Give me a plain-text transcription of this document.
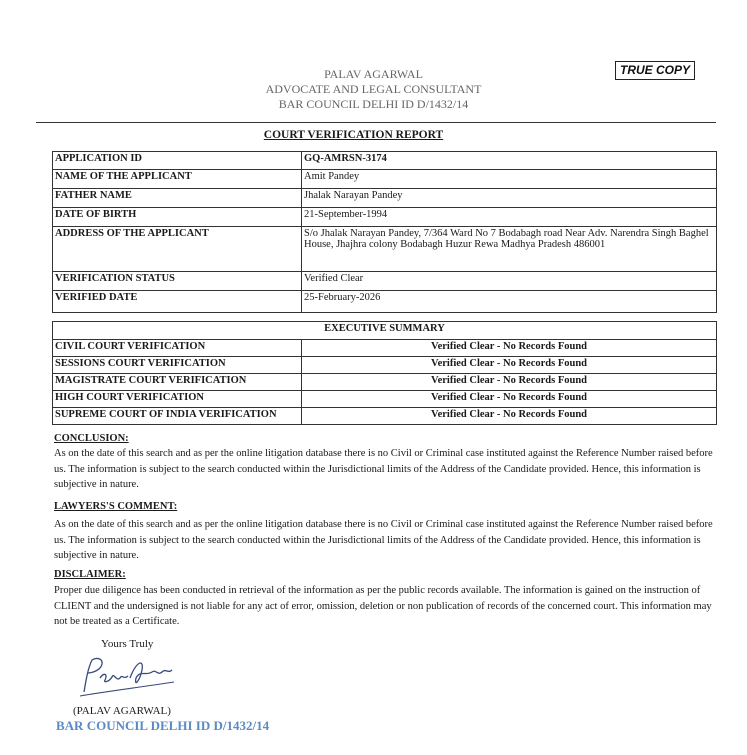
PALAV AGARWAL
ADVOCATE AND LEGAL CONSULTANT
BAR COUNCIL DELHI ID D/1432/14
TRUE COPY
COURT VERIFICATION REPORT
APPLICATION ID	GQ-AMRSN-3174
NAME OF THE APPLICANT	Amit Pandey
FATHER NAME	Jhalak Narayan Pandey
DATE OF BIRTH	21-September-1994
ADDRESS OF THE APPLICANT	S/o Jhalak Narayan Pandey, 7/364 Ward No 7 Bodabagh road Near Adv. Narendra Singh Baghel House, Jhajhra colony Bodabagh Huzur Rewa Madhya Pradesh 486001
VERIFICATION STATUS	Verified Clear
VERIFIED DATE	25-February-2026
EXECUTIVE SUMMARY	
CIVIL COURT VERIFICATION	Verified Clear - No Records Found
SESSIONS COURT VERIFICATION	Verified Clear - No Records Found
MAGISTRATE COURT VERIFICATION	Verified Clear - No Records Found
HIGH COURT VERIFICATION	Verified Clear - No Records Found
SUPREME COURT OF INDIA VERIFICATION	Verified Clear - No Records Found
CONCLUSION:
As on the date of this search and as per the online litigation database there is no Civil or Criminal case instituted against the Reference Number raised before us. The information is subject to the search conducted within the Jurisdictional limits of the Address of the Candidate provided. Hence, this information is subjective in nature.
LAWYERS'S COMMENT:
As on the date of this search and as per the online litigation database there is no Civil or Criminal case instituted against the Reference Number raised before us. The information is subject to the search conducted within the Jurisdictional limits of the Address of the Candidate provided. Hence, this information is subjective in nature.
DISCLAIMER:
Proper due diligence has been conducted in retrieval of the information as per the public records available. The information is gained on the instruction of CLIENT and the undersigned is not liable for any act of error, omission, deletion or non publication of records of the concerned court. This information may not be treated as a Certificate.
Yours Truly
(PALAV AGARWAL)
BAR COUNCIL DELHI ID D/1432/14
